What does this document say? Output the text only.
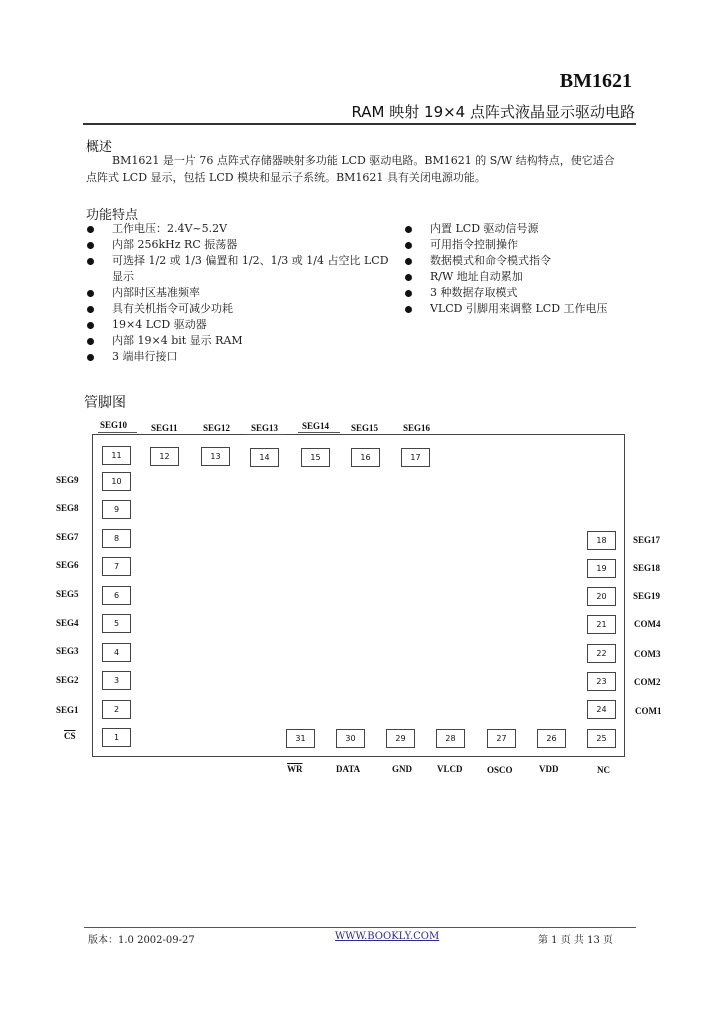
BM1621
RAM 映射 19×4 点阵式液晶显示驱动电路
概述
BM1621 是一片 76 点阵式存储器映射多功能 LCD 驱动电路。BM1621 的 S/W 结构特点，使它适合
点阵式 LCD 显示，包括 LCD 模块和显示子系统。BM1621 具有关闭电源功能。
功能特点
工作电压：2.4V~5.2V
内部 256kHz RC 振荡器
可选择 1/2 或 1/3 偏置和 1/2、1/3 或 1/4 占空比 LCD
显示
内部时区基准频率
具有关机指令可减少功耗
19×4 LCD 驱动器
内部 19×4 bit 显示 RAM
3 端串行接口
内置 LCD 驱动信号源
可用指令控制操作
数据模式和命令模式指令
R/W 地址自动累加
3 种数据存取模式
VLCD 引脚用来调整 LCD 工作电压
管脚图
SEG10	SEG11	SEG12 SEG13	SEG14 SEG15	SEG16
11	12	13	14	15	16	17
SEG9
SEG8
SEG7
SEG6
SEG5
SEG4
SEG3
SEG2
SEG1
$\overline{CS}$
10
9
8
7
6
5
4
3
2
1
18
19
20
21
22
23
24
SEG17
SEG18
SEG19
COM4
COM3
COM2
COM1
31	30	29	28	27	26	25
$\overline{WR}$	DATA	GND	VLCD	OSCO	VDD	NC
版本：1.0 2002-09-27	WWW.BOOKLY.COM	第 1 页 共 13 页
